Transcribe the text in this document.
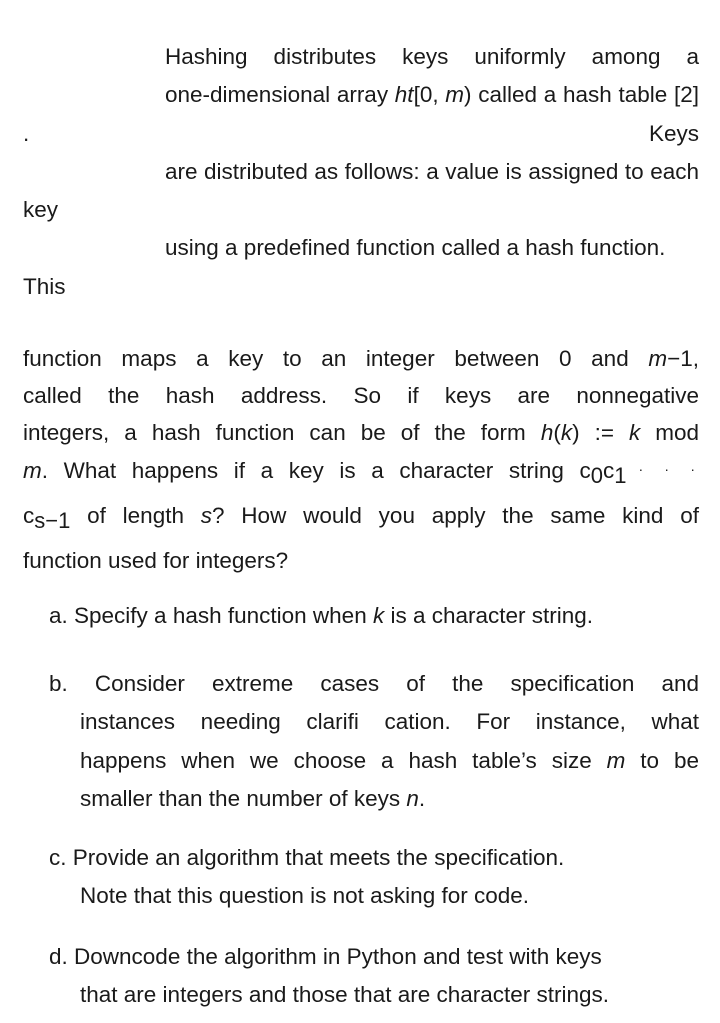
Hashing distributes keys uniformly among a
one-dimensional array ht[0, m) called a hash table [2] . Keys
are distributed as follows: a value is assigned to each key
using a predefined function called a hash function. This
function maps a key to an integer between 0 and m−1,
called the hash address. So if keys are nonnegative
integers, a hash function can be of the form h(k) := k mod
m. What happens if a key is a character string $c_0c_1$ · · ·
$c_{s-1}$ of length s? How would you apply the same kind of
function used for integers?
a. Specify a hash function when k is a character string.
b. Consider extreme cases of the specification and
instances needing clarifi cation. For instance, what
happens when we choose a hash table’s size m to be
smaller than the number of keys n.
c. Provide an algorithm that meets the specification.
Note that this question is not asking for code.
d. Downcode the algorithm in Python and test with keys
that are integers and those that are character strings.
